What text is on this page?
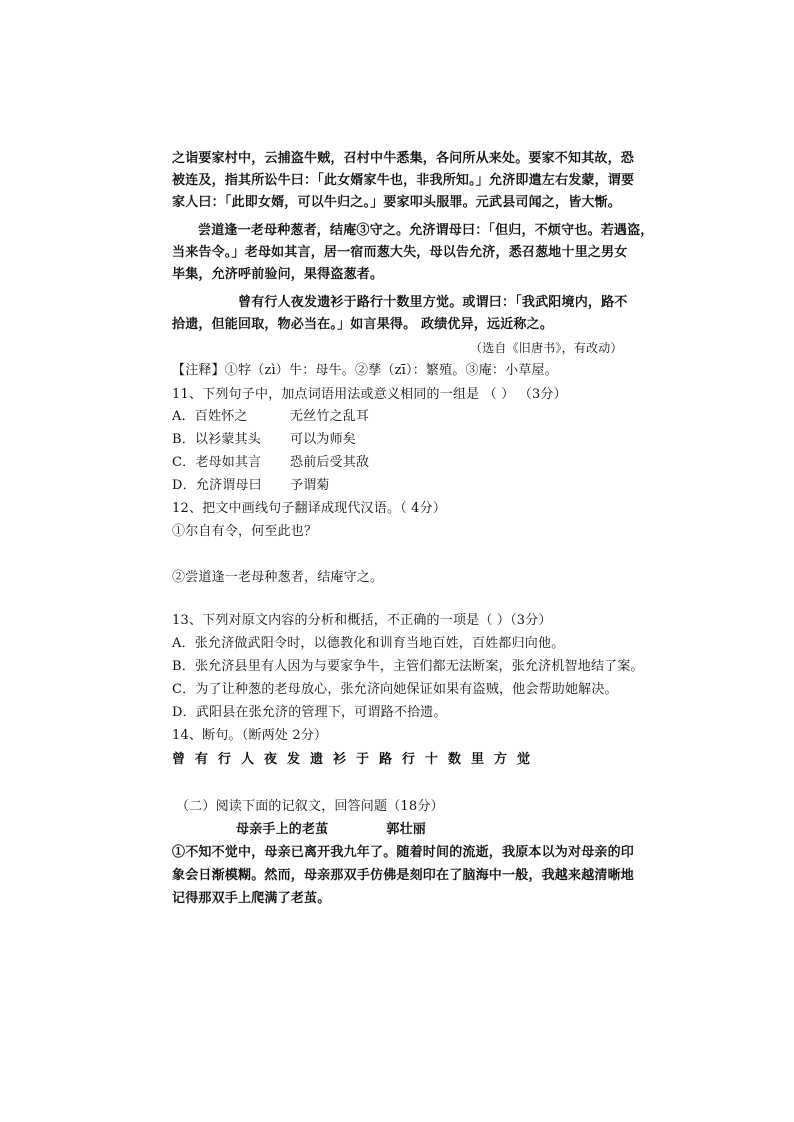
之诣要家村中，云捕盗牛贼，召村中牛悉集，各问所从来处。要家不知其故，恐

被连及，指其所讼牛曰：「此女婿家牛也，非我所知。」允济即遣左右发蒙，谓要

家人曰：「此即女婿，可以牛归之。」要家叩头服罪。元武县司闻之，皆大惭。

尝道逢一老母种葱者，结庵③守之。允济谓母曰：「但归，不烦守也。若遇盗，

当来告令。」老母如其言，居一宿而葱大失，母以告允济，悉召葱地十里之男女

毕集，允济呼前验问，果得盗葱者。

曾有行人夜发遗衫于路行十数里方觉。或谓曰：「我武阳境内，路不

拾遗，但能回取，物必当在。」如言果得。 政绩优异，远近称之。

（选自《旧唐书》，有改动）

【注释】①牸（zì）牛：母牛。②孳（zī）：繁殖。③庵：小草屋。

11、下列句子中，加点词语用法或意义相同的一组是 （ ） （3分）

A．百姓怀之	无丝竹之乱耳

B．以衫蒙其头 可以为师矣

C．老母如其言 恐前后受其敌

D．允济谓母曰 予谓菊

12、把文中画线句子翻译成现代汉语。（ 4分）

①尔自有令，何至此也？

②尝道逢一老母种葱者，结庵守之。

13、下列对原文内容的分析和概括，不正确的一项是（ ）（3分）

A．张允济做武阳令时，以德教化和训育当地百姓，百姓都归向他。

B．张允济县里有人因为与要家争牛，主管们都无法断案，张允济机智地结了案。

C．为了让种葱的老母放心，张允济向她保证如果有盗贼，他会帮助她解决。

D．武阳县在张允济的管理下，可谓路不拾遗。

14、断句。（断两处 2分）

曾有行人夜发遗衫于路行十数里方觉

（二）阅读下面的记叙文，回答问题（18分）

母亲手上的老茧	郭壮丽

①不知不觉中，母亲已离开我九年了。随着时间的流逝，我原本以为对母亲的印

象会日渐模糊。然而，母亲那双手仿佛是刻印在了脑海中一般，我越来越清晰地

记得那双手上爬满了老茧。
